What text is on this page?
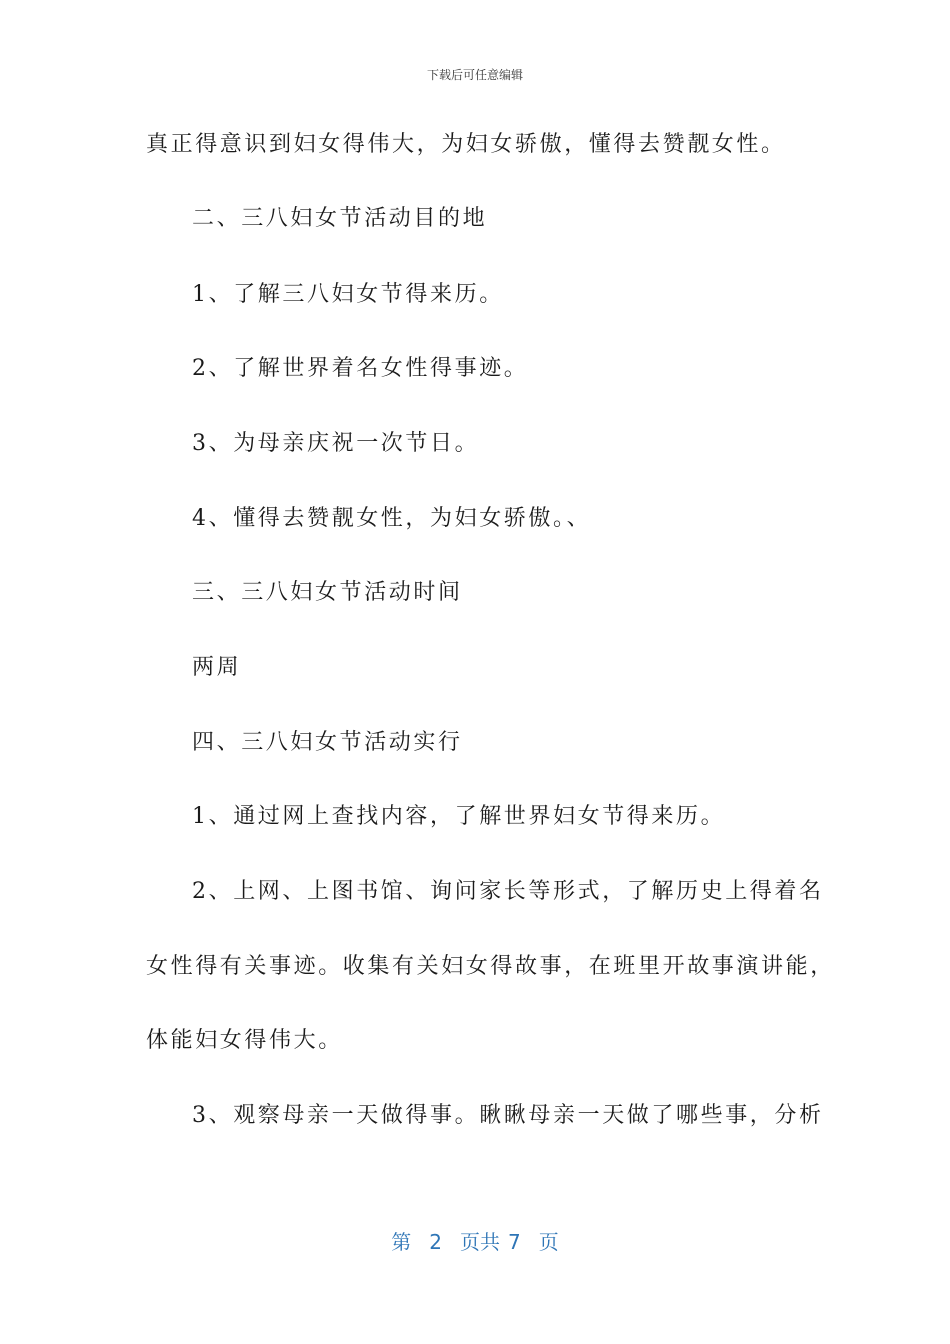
下载后可任意编辑
真正得意识到妇女得伟大，为妇女骄傲，懂得去赞靓女性。
二、三八妇女节活动目的地
1、了解三八妇女节得来历。
2、了解世界着名女性得事迹。
3、为母亲庆祝一次节日。
4、懂得去赞靓女性，为妇女骄傲。、
三、三八妇女节活动时间
两周
四、三八妇女节活动实行
1、通过网上查找内容，了解世界妇女节得来历。
2、上网、上图书馆、询问家长等形式，了解历史上得着名
女性得有关事迹。收集有关妇女得故事，在班里开故事演讲能，
体能妇女得伟大。
3、观察母亲一天做得事。瞅瞅母亲一天做了哪些事，分析
第 2 页共 7 页
